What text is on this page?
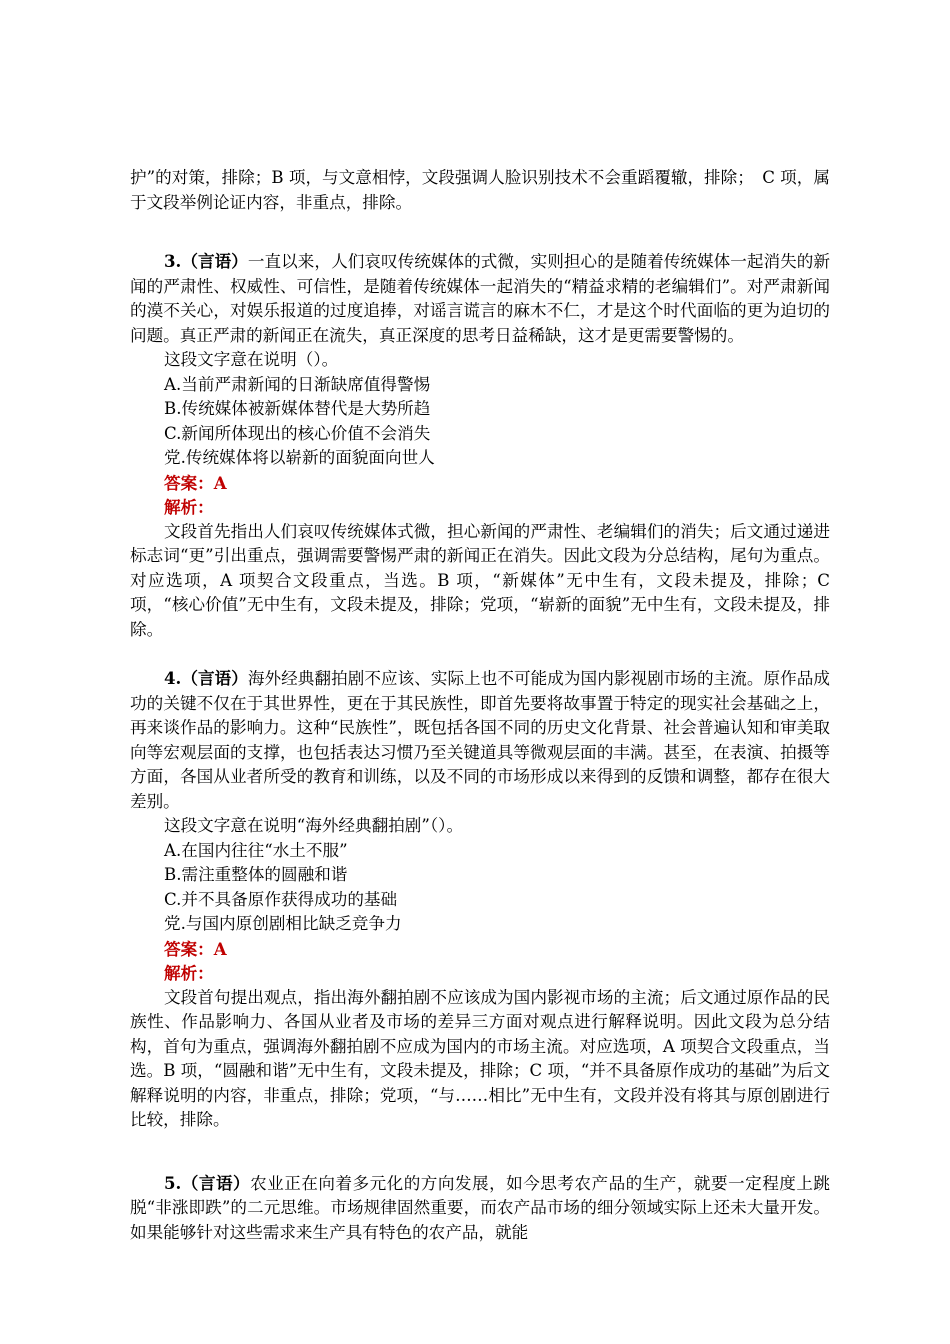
护”的对策，排除；B 项，与文意相悖，文段强调人脸识别技术不会重蹈覆辙，排除；　C 项，属于文段举例论证内容，非重点，排除。

3.（言语）一直以来，人们哀叹传统媒体的式微，实则担心的是随着传统媒体一起消失的新闻的严肃性、权威性、可信性，是随着传统媒体一起消失的“精益求精的老编辑们”。对严肃新闻的漠不关心，对娱乐报道的过度追捧，对谣言谎言的麻木不仁，才是这个时代面临的更为迫切的问题。真正严肃的新闻正在流失，真正深度的思考日益稀缺，这才是更需要警惕的。

这段文字意在说明（）。

A.当前严肃新闻的日渐缺席值得警惕

B.传统媒体被新媒体替代是大势所趋

C.新闻所体现出的核心价值不会消失

党.传统媒体将以崭新的面貌面向世人

答案：A

解析：

文段首先指出人们哀叹传统媒体式微，担心新闻的严肃性、老编辑们的消失；后文通过递进标志词“更”引出重点，强调需要警惕严肃的新闻正在消失。因此文段为分总结构，尾句为重点。对应选项，A 项契合文段重点，当选。B 项，“新媒体”无中生有，文段未提及，排除；C 项，“核心价值”无中生有，文段未提及，排除；党项，“崭新的面貌”无中生有，文段未提及，排除。

4.（言语）海外经典翻拍剧不应该、实际上也不可能成为国内影视剧市场的主流。原作品成功的关键不仅在于其世界性，更在于其民族性，即首先要将故事置于特定的现实社会基础之上，再来谈作品的影响力。这种“民族性”，既包括各国不同的历史文化背景、社会普遍认知和审美取向等宏观层面的支撑，也包括表达习惯乃至关键道具等微观层面的丰满。甚至，在表演、拍摄等方面，各国从业者所受的教育和训练，以及不同的市场形成以来得到的反馈和调整，都存在很大差别。

这段文字意在说明“海外经典翻拍剧”（）。

A.在国内往往“水土不服”

B.需注重整体的圆融和谐

C.并不具备原作获得成功的基础

党.与国内原创剧相比缺乏竞争力

答案：A

解析：

文段首句提出观点，指出海外翻拍剧不应该成为国内影视市场的主流；后文通过原作品的民族性、作品影响力、各国从业者及市场的差异三方面对观点进行解释说明。因此文段为总分结构，首句为重点，强调海外翻拍剧不应成为国内的市场主流。对应选项，A 项契合文段重点，当选。B 项，“圆融和谐”无中生有，文段未提及，排除；C 项，“并不具备原作成功的基础”为后文解释说明的内容，非重点，排除；党项，“与……相比”无中生有，文段并没有将其与原创剧进行比较，排除。

5.（言语）农业正在向着多元化的方向发展，如今思考农产品的生产，就要一定程度上跳脱“非涨即跌”的二元思维。市场规律固然重要，而农产品市场的细分领域实际上还未大量开发。如果能够针对这些需求来生产具有特色的农产品，就能
